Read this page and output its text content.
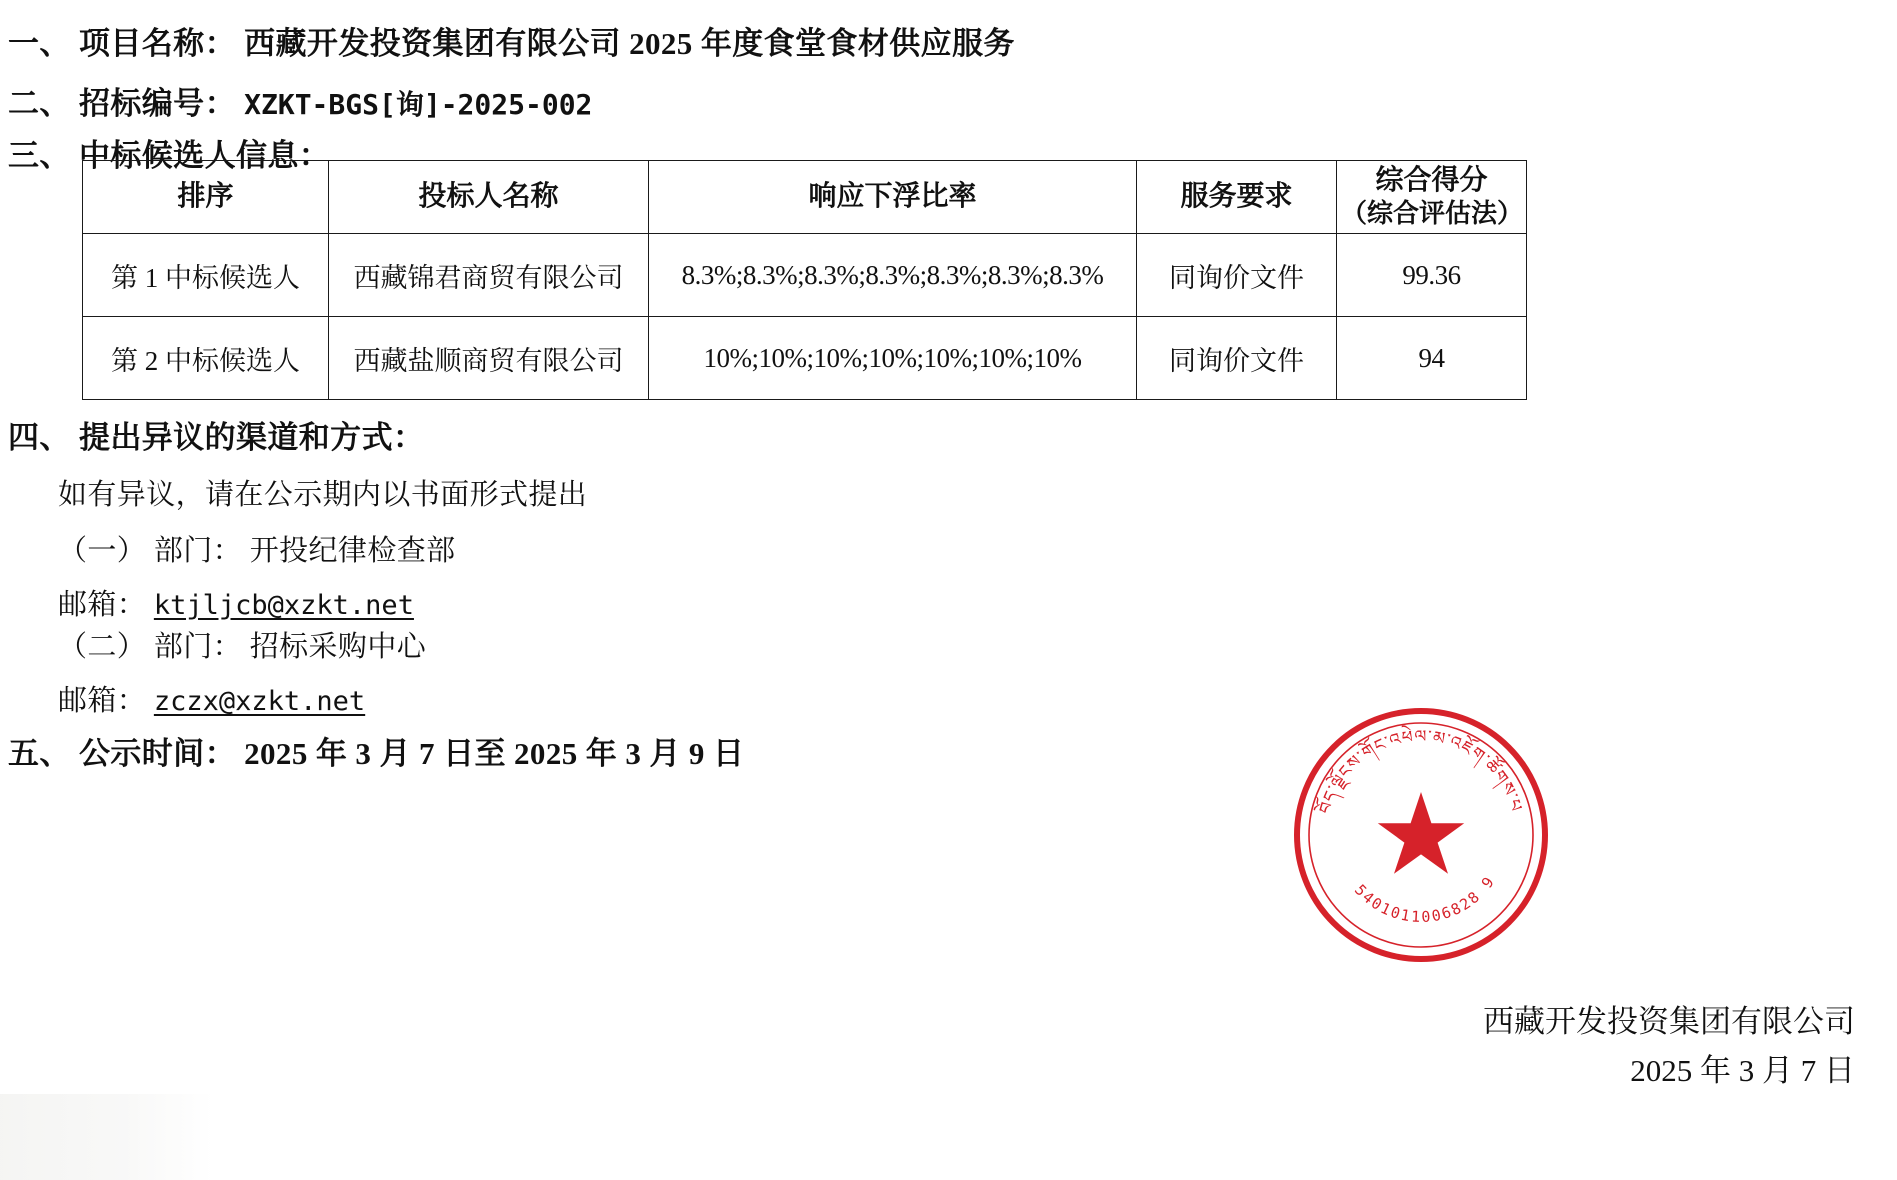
一、 项目名称： 西藏开发投资集团有限公司 2025 年度食堂食材供应服务
二、 招标编号： XZKT-BGS[询]-2025-002
三、 中标候选人信息：
排序	投标人名称	响应下浮比率	服务要求	综合得分
（综合评估法）

第 1 中标候选人	西藏锦君商贸有限公司	8.3%;8.3%;8.3%;8.3%;8.3%;8.3%;8.3%	同询价文件	99.36
第 2 中标候选人	西藏盐顺商贸有限公司	10%;10%;10%;10%;10%;10%;10%	同询价文件	94
四、 提出异议的渠道和方式：
如有异议，请在公示期内以书面形式提出
（一） 部门： 开投纪律检查部
邮箱： ktjljcb@xzkt.net
（二） 部门： 招标采购中心
邮箱： zczx@xzkt.net
五、 公示时间： 2025 年 3 月 7 日至 2025 年 3 月 9 日
西藏开发投资集团有限公司
2025 年 3 月 7 日
བོད་ལྗོངས་གོང་འཕེལ་མ་འཇོག་ཚོགས་པ
5401011006828 9
